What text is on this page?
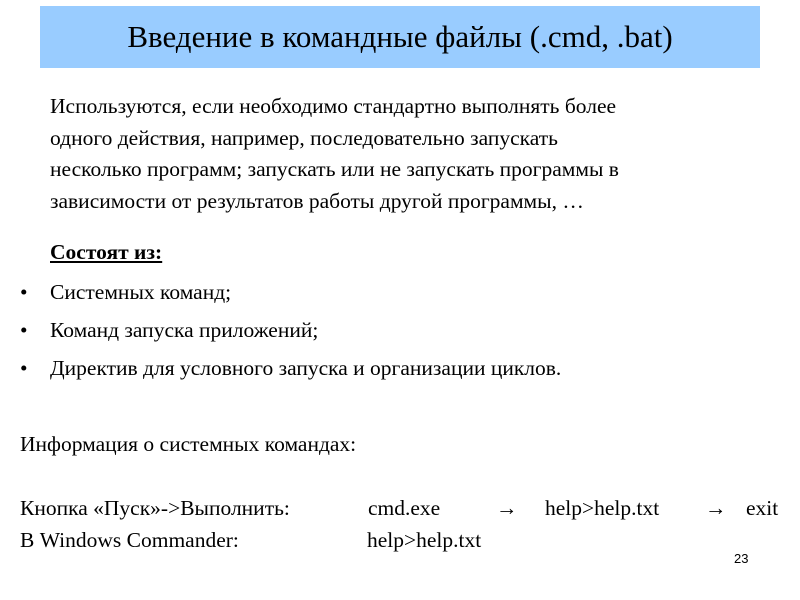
Введение в командные файлы (.cmd, .bat)
Используются, если необходимо стандартно выполнять более
одного действия, например, последовательно запускать
несколько программ; запускать или не запускать программы в
зависимости от результатов работы другой программы, …
Состоят из:
•	Системных команд;
•	Команд запуска приложений;
•	Директив для условного запуска и организации циклов.
Информация о системных командах:
Кнопка «Пуск»->Выполнить:	cmd.exe	→ help>help.txt → exit
В Windows Commander:	help>help.txt
23
